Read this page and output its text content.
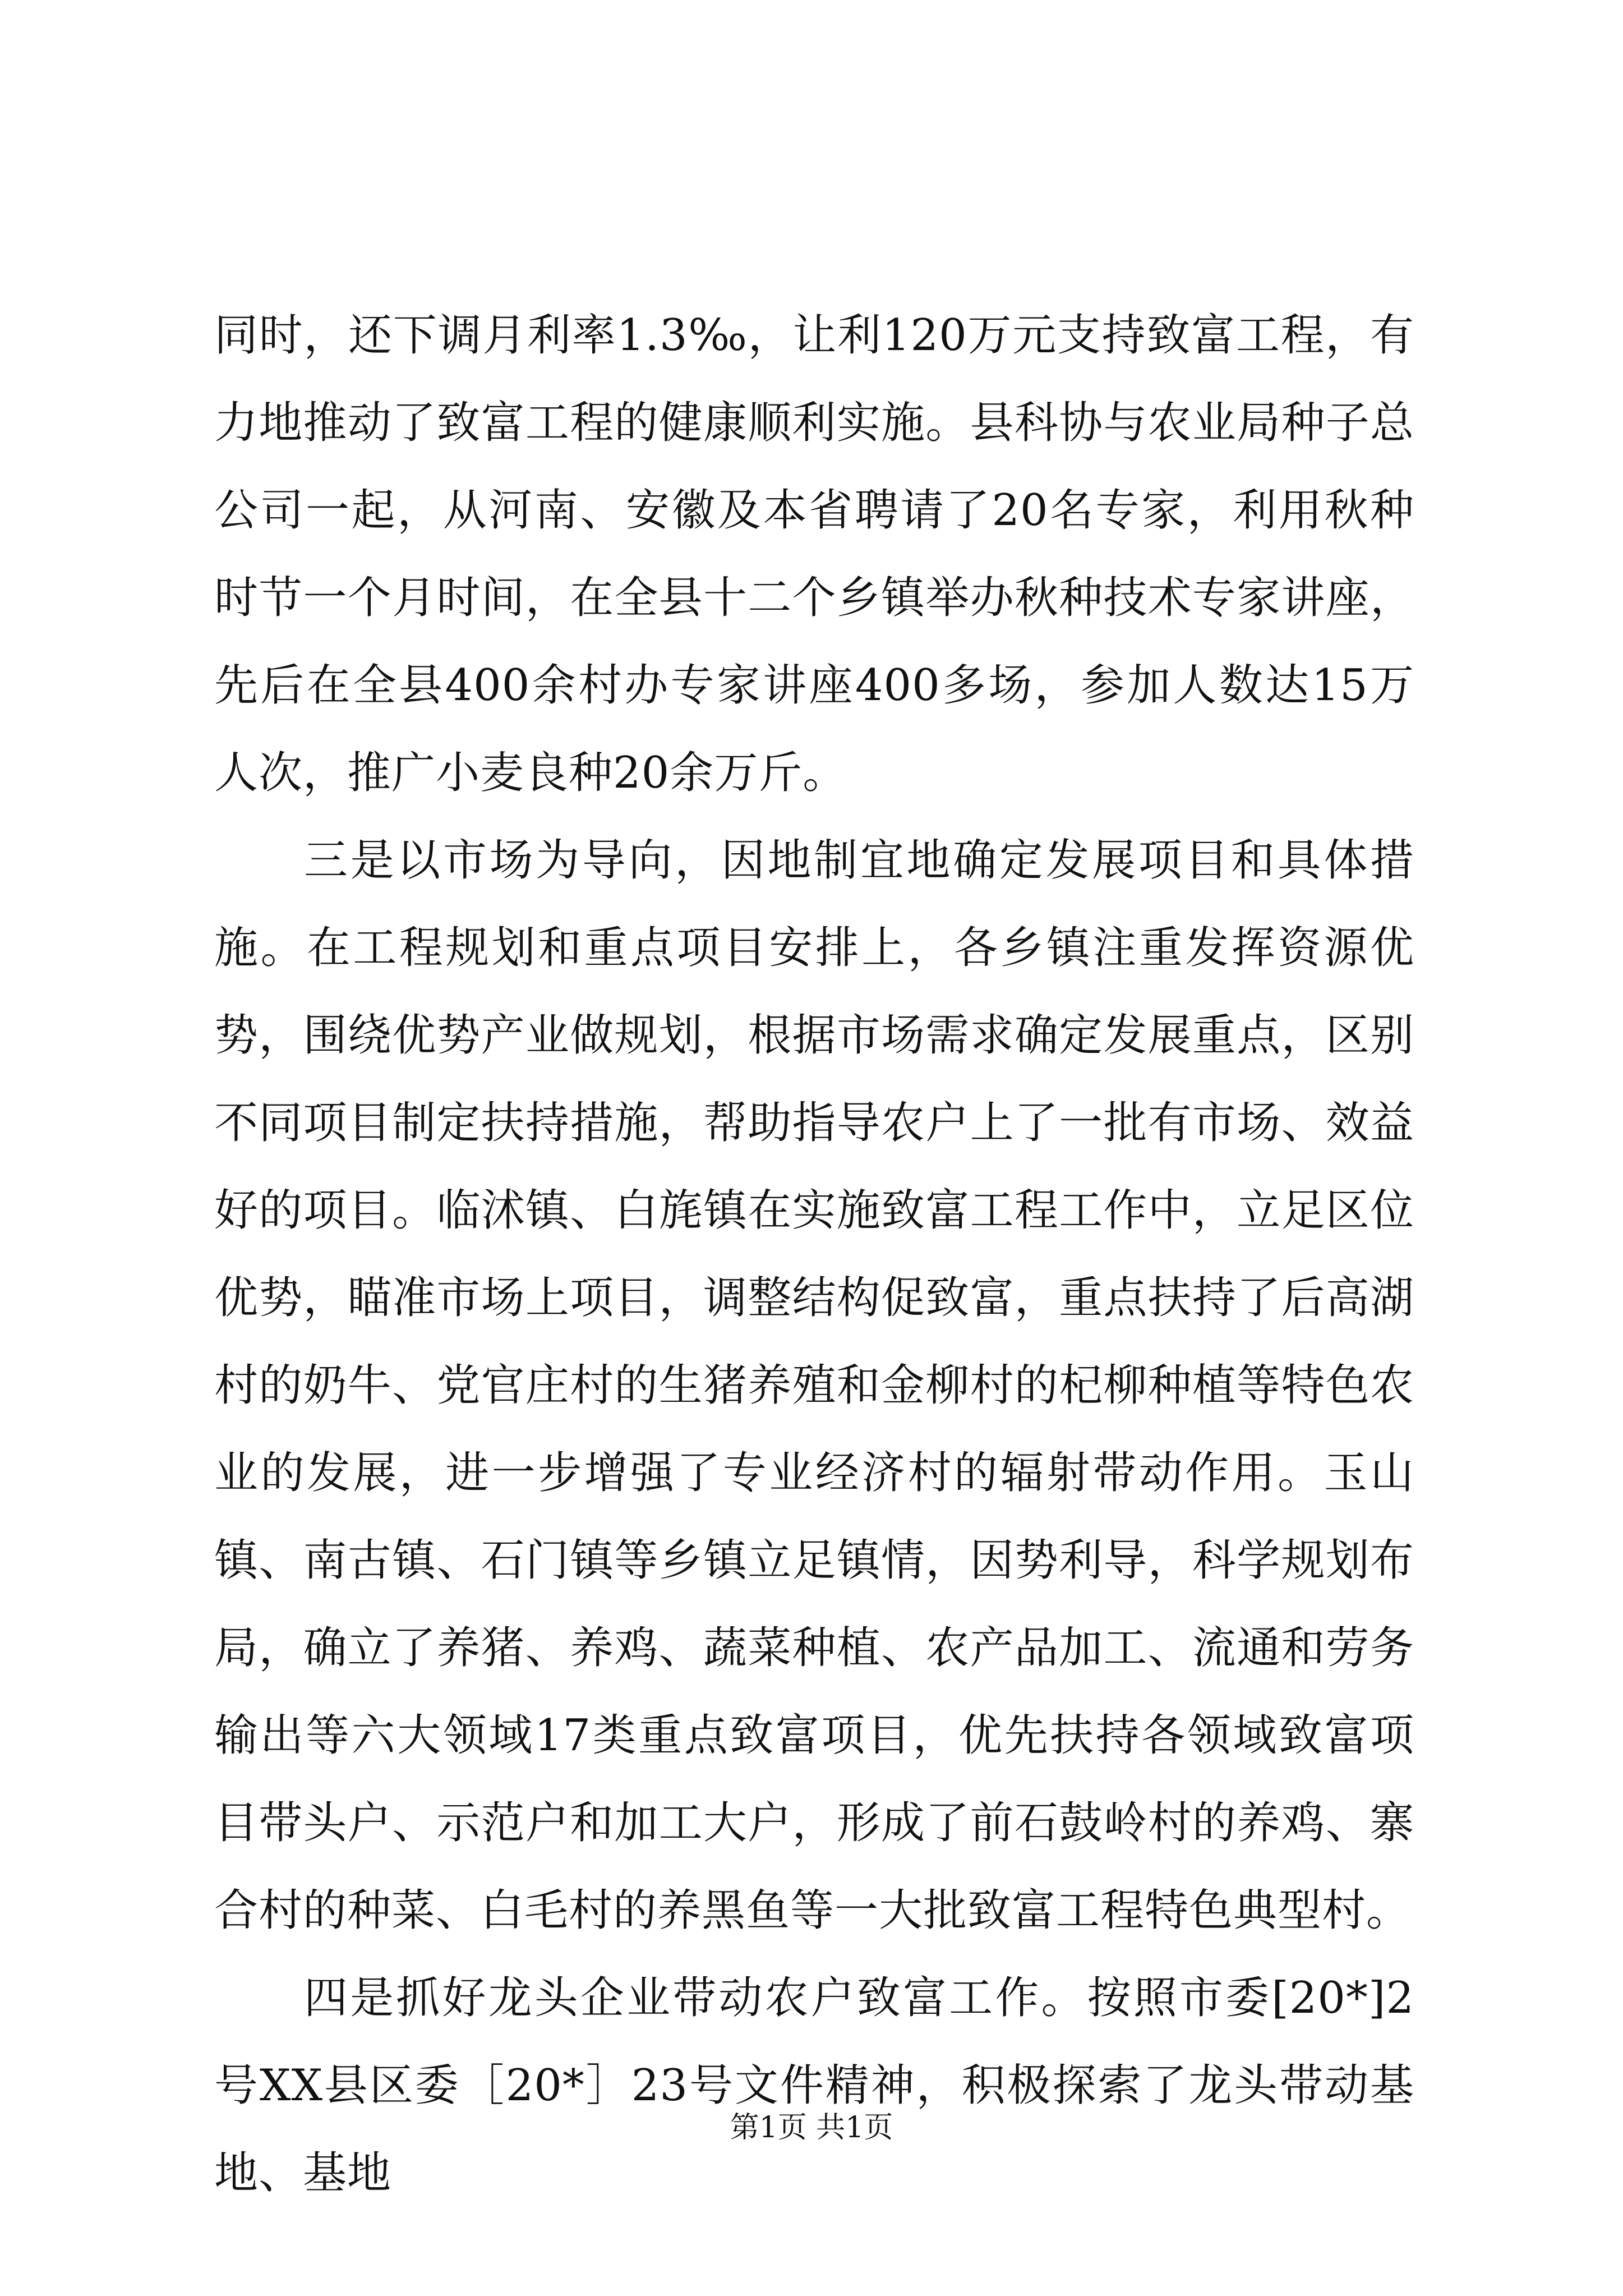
同时，还下调月利率1.3‰，让利120万元支持致富工程，有力地推动了致富工程的健康顺利实施。县科协与农业局种子总公司一起，从河南、安徽及本省聘请了20名专家，利用秋种时节一个月时间，在全县十二个乡镇举办秋种技术专家讲座，先后在全县400余村办专家讲座400多场，参加人数达15万人次，推广小麦良种20余万斤。

三是以市场为导向，因地制宜地确定发展项目和具体措施。在工程规划和重点项目安排上，各乡镇注重发挥资源优势，围绕优势产业做规划，根据市场需求确定发展重点，区别不同项目制定扶持措施，帮助指导农户上了一批有市场、效益好的项目。临沭镇、白旄镇在实施致富工程工作中，立足区位优势，瞄准市场上项目，调整结构促致富，重点扶持了后高湖村的奶牛、党官庄村的生猪养殖和金柳村的杞柳种植等特色农业的发展，进一步增强了专业经济村的辐射带动作用。玉山镇、南古镇、石门镇等乡镇立足镇情，因势利导，科学规划布局，确立了养猪、养鸡、蔬菜种植、农产品加工、流通和劳务输出等六大领域17类重点致富项目，优先扶持各领域致富项目带头户、示范户和加工大户，形成了前石鼓岭村的养鸡、寨合村的种菜、白毛村的养黑鱼等一大批致富工程特色典型村。

四是抓好龙头企业带动农户致富工作。按照市委[20*]2号XX县区委［20*］23号文件精神，积极探索了龙头带动基地、基地

第1页 共1页
